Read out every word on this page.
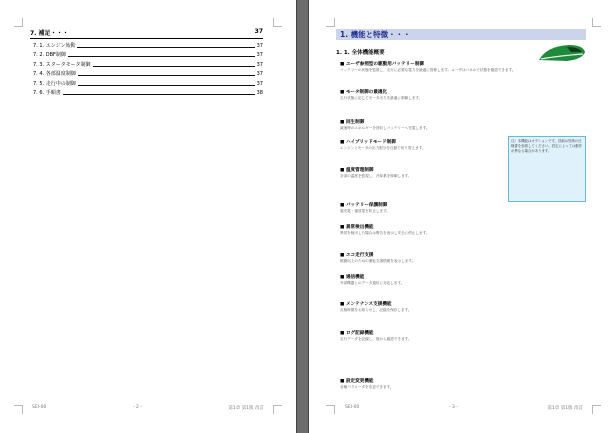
7. 補足・・・	37
7. 1. エンジン始動	37
7. 2. DBF制御	37
7. 3. スタータモータ制御	37
7. 4. 各部温度制御	37
7. 5. 走行中の制御	37
7. 6. 手順書	38
SEI-00	- 2 -	第1章 第1版 改訂
1. 機能と特徴・・・
1. 1. 全体機能概要
■ ユーザ参照型の駆動用バッテリー制御
バッテリーの状態を監視し、走行に必要な電力を最適に管理します。ユーザはパネルで状態を確認できます。
■ モータ制御の最適化
走行状態に応じてモータ出力を最適に制御します。
■ 回生制御
減速時のエネルギーを回収しバッテリーへ充電します。
■ ハイブリッドモード制御
エンジンとモータの出力配分を自動で切り替えます。
■ 温度管理制御
各部の温度を監視し、冷却系を制御します。
■ バッテリー保護制御
過充電・過放電を防止します。
■ 異常検出機能
異常を検出した場合は警告を表示し安全に停止します。
■ エコ走行支援
燃費向上のための運転支援情報を表示します。
■ 通信機能
外部機器とのデータ通信に対応します。
■ メンテナンス支援機能
点検時期をお知らせし、記録を保存します。
■ ログ記録機能
走行データを記録し、後から確認できます。
■ 設定変更機能
各種パラメータを変更できます。
注）本機能はオプションです。詳細は別紙の仕様書を参照してください。設定によっては動作が異なる場合があります。
SEI-00	- 3 -	第1章 第1版 改訂
